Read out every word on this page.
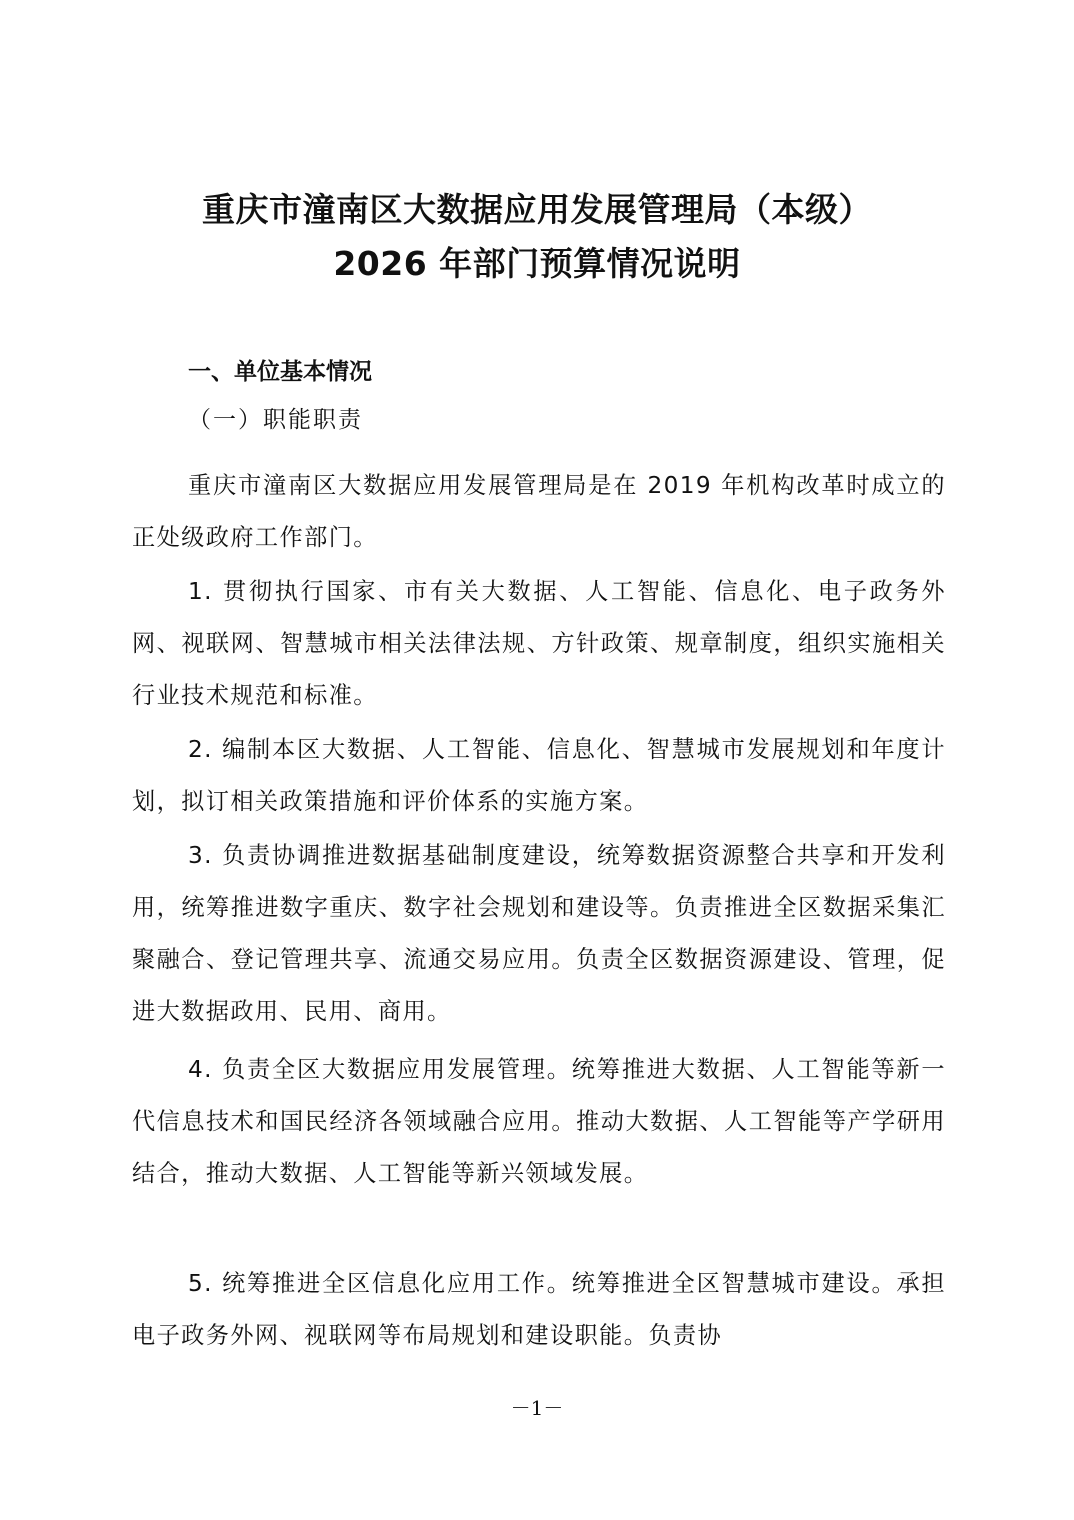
重庆市潼南区大数据应用发展管理局（本级）
2026 年部门预算情况说明
一、单位基本情况
（一）职能职责

重庆市潼南区大数据应用发展管理局是在 2019 年机构改革时成立的正处级政府工作部门。

1. 贯彻执行国家、市有关大数据、人工智能、信息化、电子政务外网、视联网、智慧城市相关法律法规、方针政策、规章制度，组织实施相关行业技术规范和标准。

2. 编制本区大数据、人工智能、信息化、智慧城市发展规划和年度计划，拟订相关政策措施和评价体系的实施方案。

3. 负责协调推进数据基础制度建设，统筹数据资源整合共享和开发利用，统筹推进数字重庆、数字社会规划和建设等。负责推进全区数据采集汇聚融合、登记管理共享、流通交易应用。负责全区数据资源建设、管理，促进大数据政用、民用、商用。

4. 负责全区大数据应用发展管理。统筹推进大数据、人工智能等新一代信息技术和国民经济各领域融合应用。推动大数据、人工智能等产学研用结合，推动大数据、人工智能等新兴领域发展。

5. 统筹推进全区信息化应用工作。统筹推进全区智慧城市建设。承担电子政务外网、视联网等布局规划和建设职能。负责协

－1－
